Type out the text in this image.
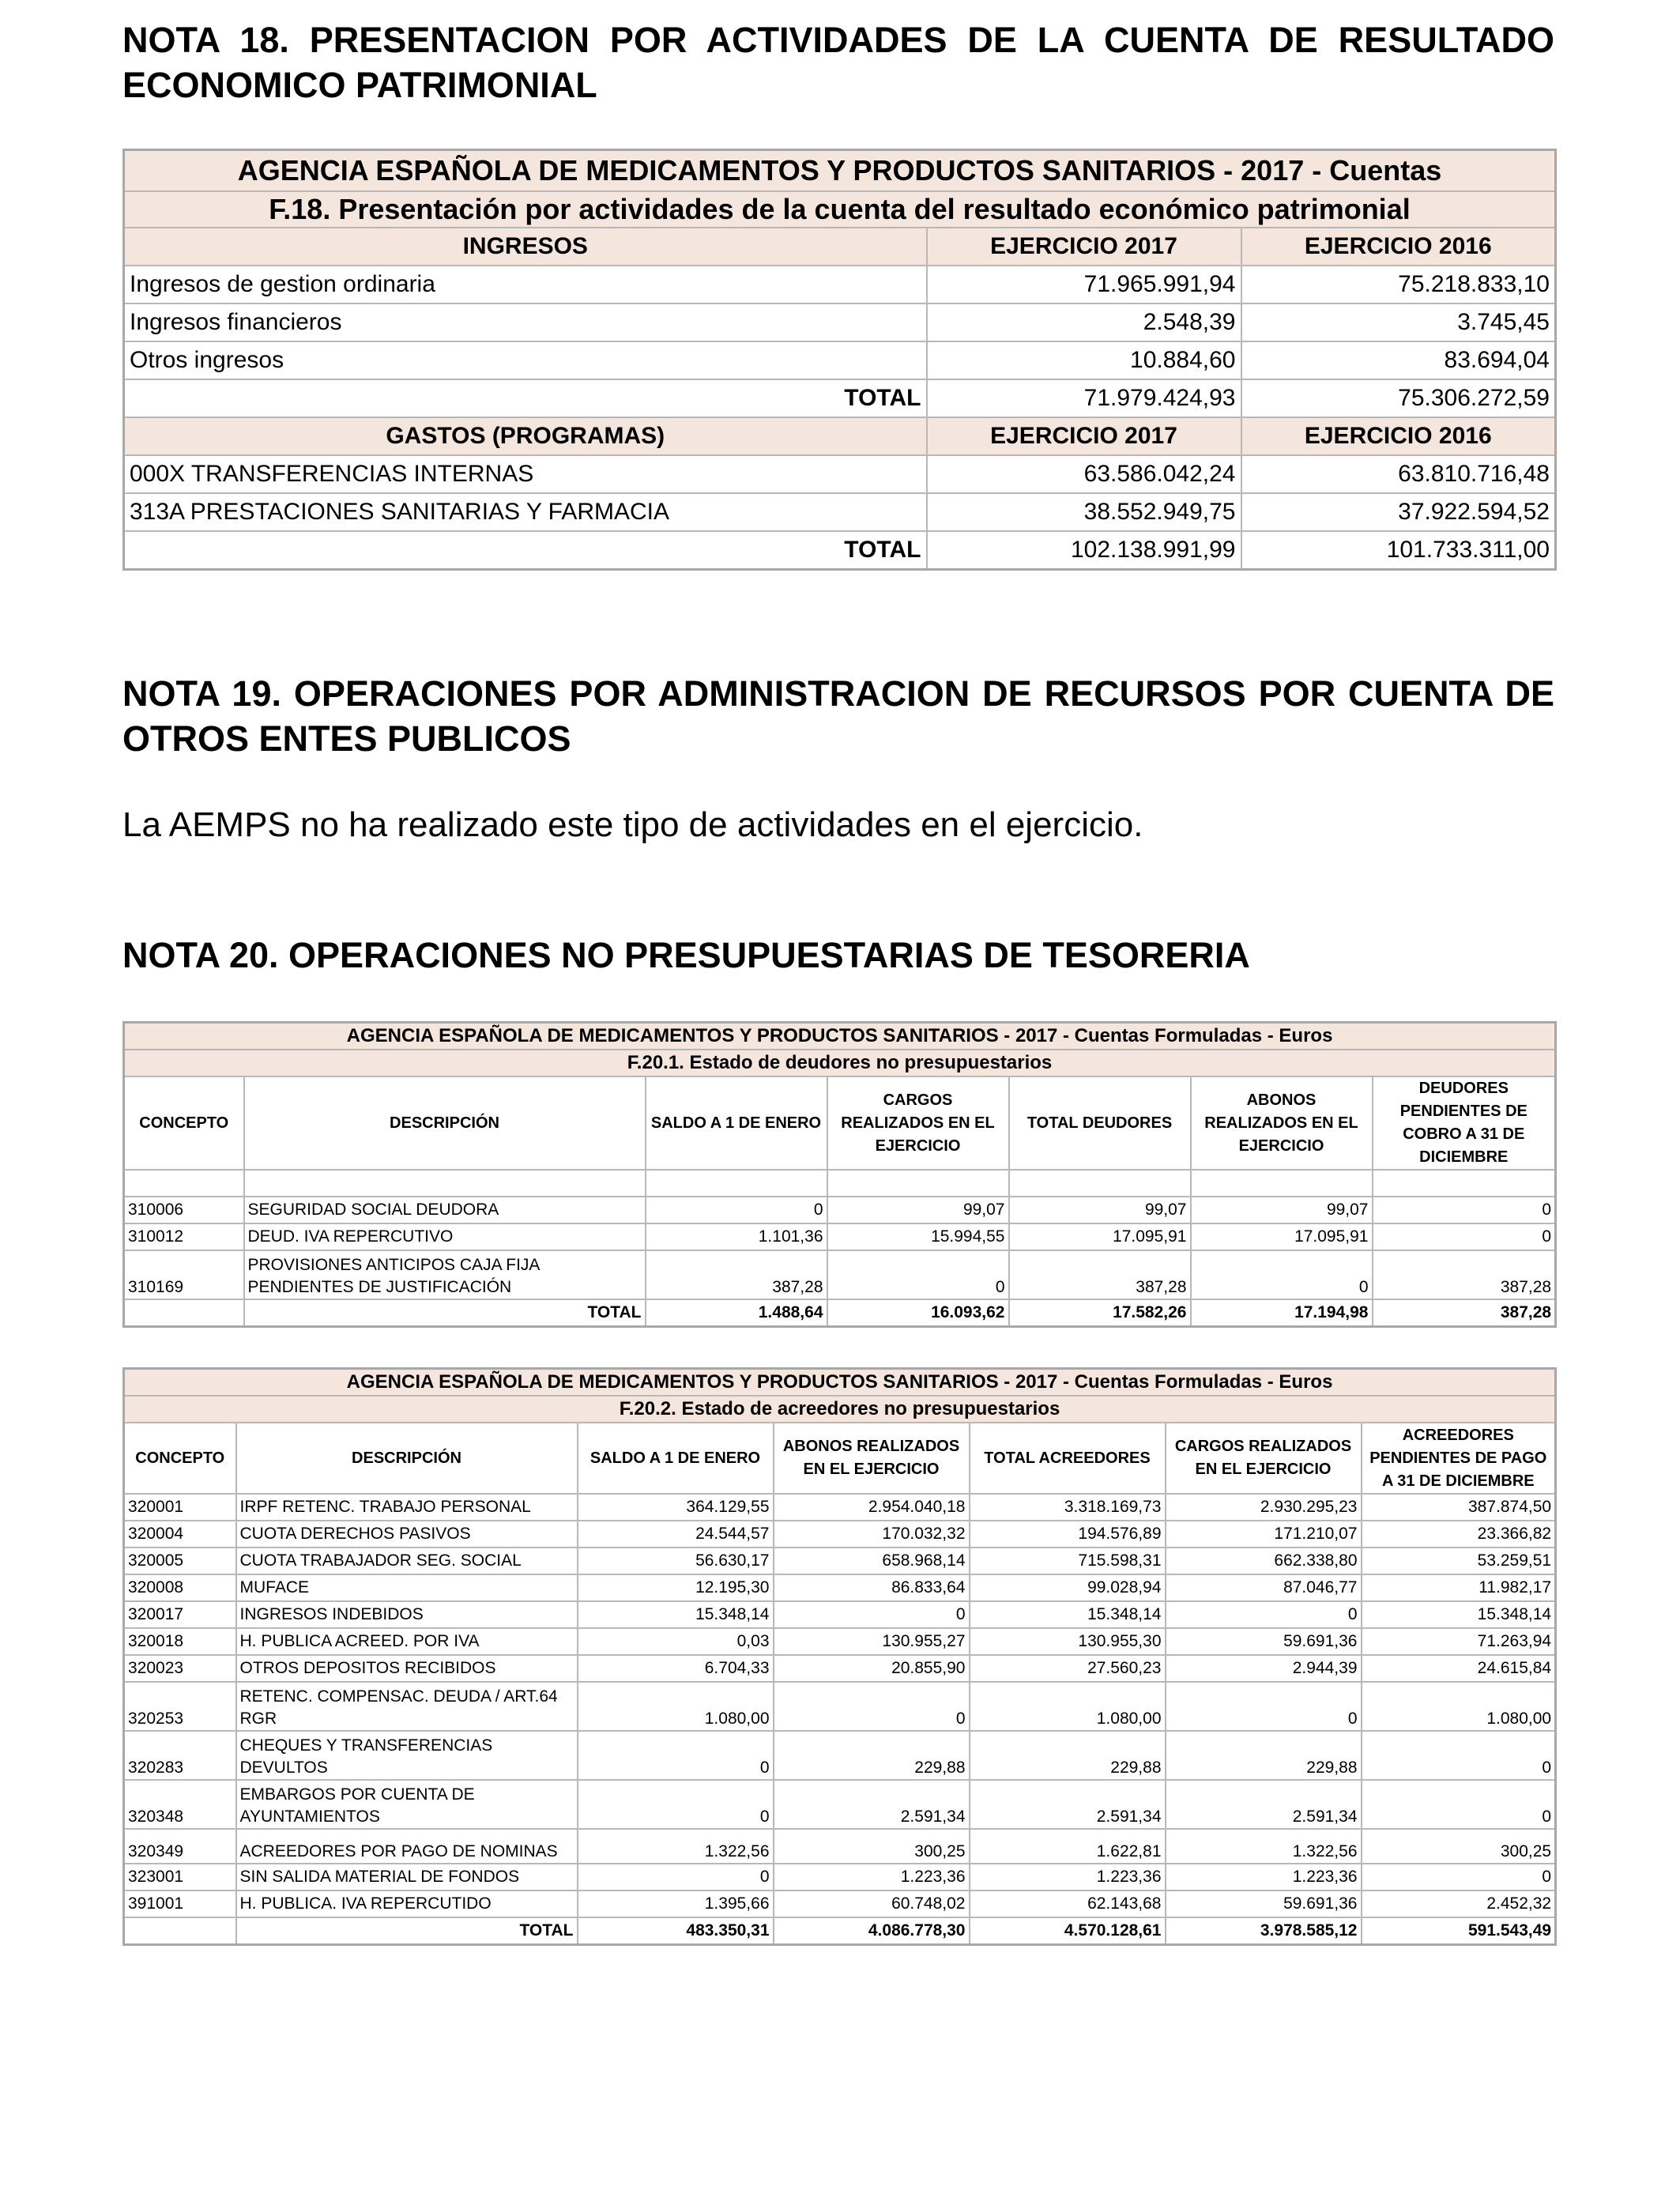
NOTA 18. PRESENTACION POR ACTIVIDADES DE LA CUENTA DE RESULTADO ECONOMICO PATRIMONIAL
AGENCIA ESPAÑOLA DE MEDICAMENTOS Y PRODUCTOS SANITARIOS - 2017 - Cuentas		
F.18. Presentación por actividades de la cuenta del resultado económico patrimonial		
INGRESOS	EJERCICIO 2017	EJERCICIO 2016
Ingresos de gestion ordinaria	71.965.991,94	75.218.833,10
Ingresos financieros	2.548,39	3.745,45
Otros ingresos	10.884,60	83.694,04
TOTAL	71.979.424,93	75.306.272,59
GASTOS (PROGRAMAS)	EJERCICIO 2017	EJERCICIO 2016
000X TRANSFERENCIAS INTERNAS	63.586.042,24	63.810.716,48
313A PRESTACIONES SANITARIAS Y FARMACIA	38.552.949,75	37.922.594,52
TOTAL	102.138.991,99	101.733.311,00
NOTA 19. OPERACIONES POR ADMINISTRACION DE RECURSOS POR CUENTA DE OTROS ENTES PUBLICOS

La AEMPS no ha realizado este tipo de actividades en el ejercicio.

NOTA 20. OPERACIONES NO PRESUPUESTARIAS DE TESORERIA
AGENCIA ESPAÑOLA DE MEDICAMENTOS Y PRODUCTOS SANITARIOS - 2017 - Cuentas Formuladas - Euros						
F.20.1. Estado de deudores no presupuestarios						
CONCEPTO	DESCRIPCIÓN	SALDO A 1 DE ENERO	CARGOS REALIZADOS EN EL EJERCICIO	TOTAL DEUDORES	ABONOS REALIZADOS EN EL EJERCICIO	DEUDORES PENDIENTES DE COBRO A 31 DE DICIEMBRE

310006	SEGURIDAD SOCIAL DEUDORA	0	99,07	99,07	99,07	0
310012	DEUD. IVA REPERCUTIVO	1.101,36	15.994,55	17.095,91	17.095,91	0
310169	PROVISIONES ANTICIPOS CAJA FIJA PENDIENTES DE JUSTIFICACIÓN	387,28	0	387,28	0	387,28
	TOTAL	1.488,64	16.093,62	17.582,26	17.194,98	387,28
AGENCIA ESPAÑOLA DE MEDICAMENTOS Y PRODUCTOS SANITARIOS - 2017 - Cuentas Formuladas - Euros						
F.20.2. Estado de acreedores no presupuestarios						
CONCEPTO	DESCRIPCIÓN	SALDO A 1 DE ENERO	ABONOS REALIZADOS EN EL EJERCICIO	TOTAL ACREEDORES	CARGOS REALIZADOS EN EL EJERCICIO	ACREEDORES PENDIENTES DE PAGO A 31 DE DICIEMBRE
320001	IRPF RETENC. TRABAJO PERSONAL	364.129,55	2.954.040,18	3.318.169,73	2.930.295,23	387.874,50
320004	CUOTA DERECHOS PASIVOS	24.544,57	170.032,32	194.576,89	171.210,07	23.366,82
320005	CUOTA TRABAJADOR SEG. SOCIAL	56.630,17	658.968,14	715.598,31	662.338,80	53.259,51
320008	MUFACE	12.195,30	86.833,64	99.028,94	87.046,77	11.982,17
320017	INGRESOS INDEBIDOS	15.348,14	0	15.348,14	0	15.348,14
320018	H. PUBLICA ACREED. POR IVA	0,03	130.955,27	130.955,30	59.691,36	71.263,94
320023	OTROS DEPOSITOS RECIBIDOS	6.704,33	20.855,90	27.560,23	2.944,39	24.615,84
320253	RETENC. COMPENSAC. DEUDA / ART.64 RGR	1.080,00	0	1.080,00	0	1.080,00
320283	CHEQUES Y TRANSFERENCIAS DEVULTOS	0	229,88	229,88	229,88	0
320348	EMBARGOS POR CUENTA DE AYUNTAMIENTOS	0	2.591,34	2.591,34	2.591,34	0
320349	ACREEDORES POR PAGO DE NOMINAS	1.322,56	300,25	1.622,81	1.322,56	300,25
323001	SIN SALIDA MATERIAL DE FONDOS	0	1.223,36	1.223,36	1.223,36	0
391001	H. PUBLICA. IVA REPERCUTIDO	1.395,66	60.748,02	62.143,68	59.691,36	2.452,32
	TOTAL	483.350,31	4.086.778,30	4.570.128,61	3.978.585,12	591.543,49
